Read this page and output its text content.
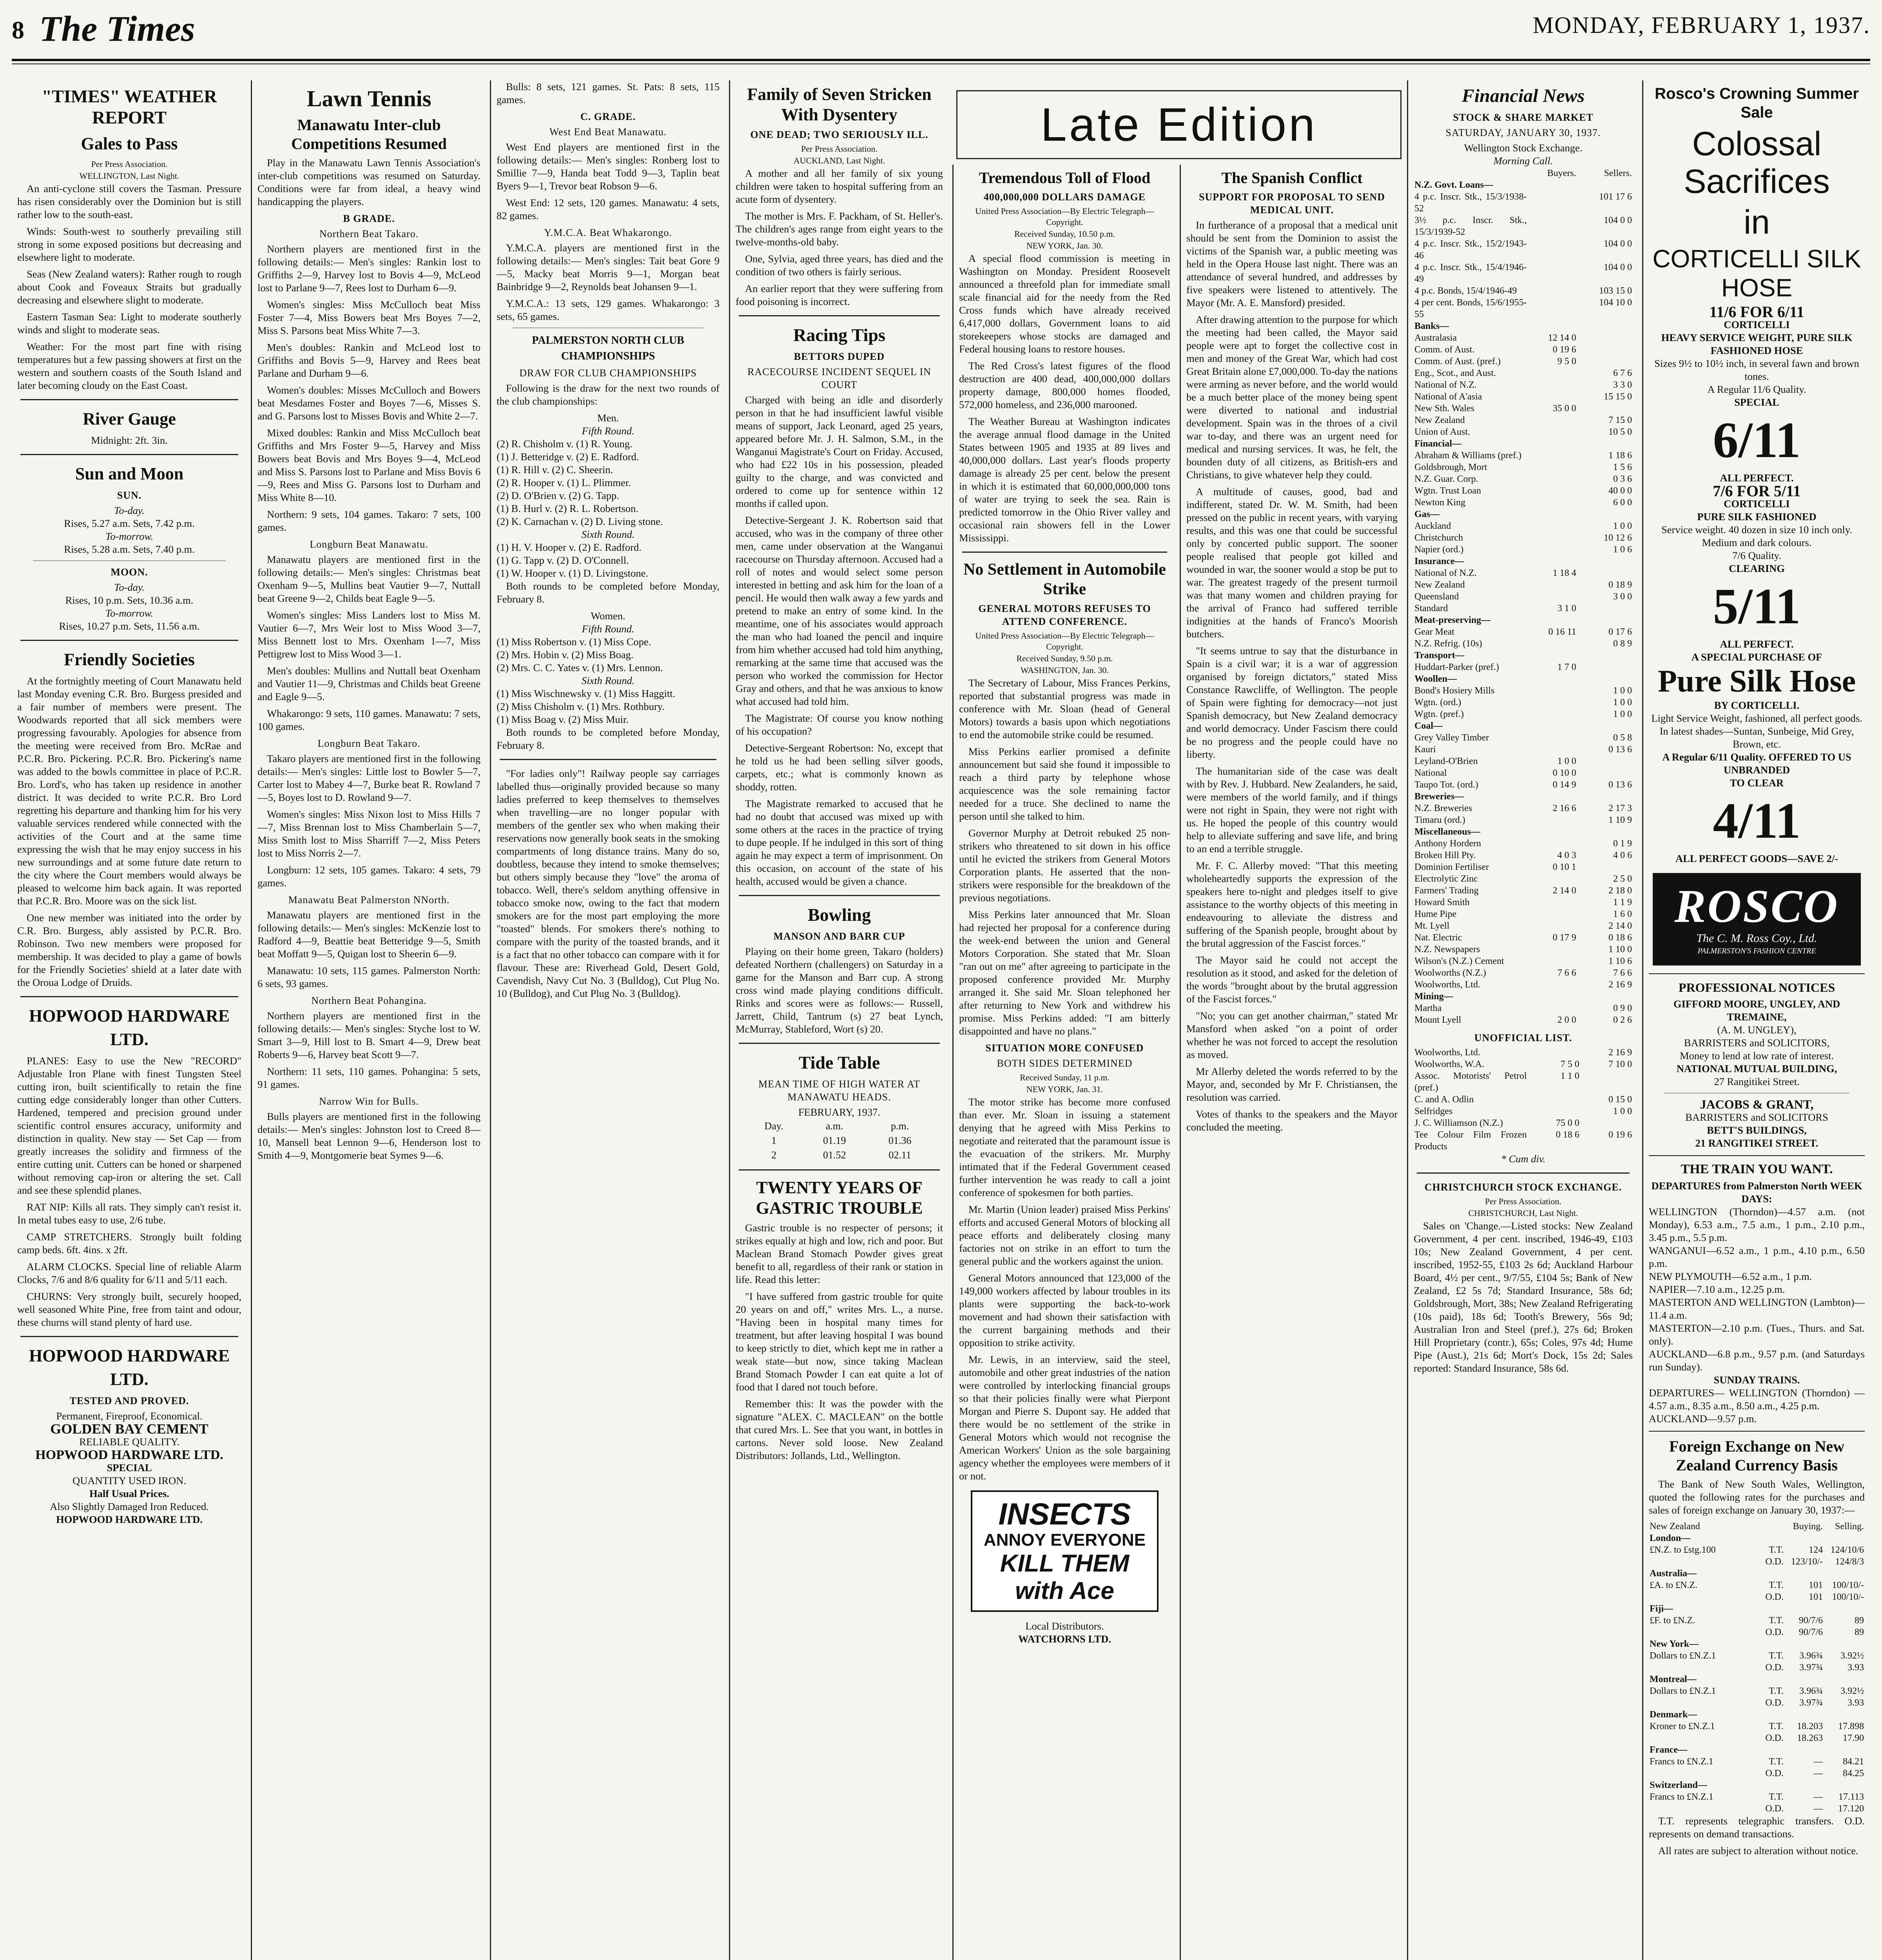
8 The Times	MONDAY, FEBRUARY 1, 1937.
"TIMES" WEATHER REPORT
Gales to Pass
Per Press Association.
WELLINGTON, Last Night.

An anti-cyclone still covers the Tasman. Pressure has risen considerably over the Dominion but is still rather low to the south-east.

Winds: South-west to southerly prevailing still strong in some exposed positions but decreasing and elsewhere light to moderate.

Seas (New Zealand waters): Rather rough to rough about Cook and Foveaux Straits but gradually decreasing and elsewhere slight to moderate.

Eastern Tasman Sea: Light to moderate southerly winds and slight to moderate seas.

Weather: For the most part fine with rising temperatures but a few passing showers at first on the western and southern coasts of the South Island and later becoming cloudy on the East Coast.

River Gauge
Midnight: 2ft. 3in.
Sun and Moon
SUN.
To-day.
Rises, 5.27 a.m. Sets, 7.42 p.m.
To-morrow.
Rises, 5.28 a.m. Sets, 7.40 p.m.
MOON.
To-day.
Rises, 10 p.m. Sets, 10.36 a.m.
To-morrow.
Rises, 10.27 p.m. Sets, 11.56 a.m.
Friendly Societies

At the fortnightly meeting of Court Manawatu held last Monday evening C.R. Bro. Burgess presided and a fair number of members were present. The Woodwards reported that all sick members were progressing favourably. Apologies for absence from the meeting were received from Bro. McRae and P.C.R. Bro. Pickering. P.C.R. Bro. Pickering's name was added to the bowls committee in place of P.C.R. Bro. Lord's, who has taken up residence in another district. It was decided to write P.C.R. Bro Lord regretting his departure and thanking him for his very valuable services rendered while connected with the activities of the Court and at the same time expressing the wish that he may enjoy success in his new surroundings and at some future date return to the city where the Court members would always be pleased to welcome him back again. It was reported that P.C.R. Bro. Moore was on the sick list.

One new member was initiated into the order by C.R. Bro. Burgess, ably assisted by P.C.R. Bro. Robinson. Two new members were proposed for membership. It was decided to play a game of bowls for the Friendly Societies' shield at a later date with the Oroua Lodge of Druids.

HOPWOOD HARDWARE LTD.

PLANES: Easy to use the New "RECORD" Adjustable Iron Plane with finest Tungsten Steel cutting iron, built scientifically to retain the fine cutting edge considerably longer than other Cutters. Hardened, tempered and precision ground under scientific control ensures accuracy, uniformity and distinction in quality. New stay — Set Cap — from greatly increases the solidity and firmness of the entire cutting unit. Cutters can be honed or sharpened without removing cap-iron or altering the set. Call and see these splendid planes.

RAT NIP: Kills all rats. They simply can't resist it. In metal tubes easy to use, 2/6 tube.

CAMP STRETCHERS. Strongly built folding camp beds. 6ft. 4ins. x 2ft.

ALARM CLOCKS. Special line of reliable Alarm Clocks, 7/6 and 8/6 quality for 6/11 and 5/11 each.

CHURNS: Very strongly built, securely hooped, well seasoned White Pine, free from taint and odour, these churns will stand plenty of hard use.

HOPWOOD HARDWARE LTD.
TESTED AND PROVED.
Permanent, Fireproof, Economical.
GOLDEN BAY CEMENT
RELIABLE QUALITY.
HOPWOOD HARDWARE LTD.
SPECIAL
QUANTITY USED IRON.
Half Usual Prices.
Also Slightly Damaged Iron Reduced.
HOPWOOD HARDWARE LTD.
Lawn Tennis
Manawatu Inter-club Competitions Resumed

Play in the Manawatu Lawn Tennis Association's inter-club competitions was resumed on Saturday. Conditions were far from ideal, a heavy wind handicapping the players.

B GRADE.
Northern Beat Takaro.

Northern players are mentioned first in the following details:— Men's singles: Rankin lost to Griffiths 2—9, Harvey lost to Bovis 4—9, McLeod lost to Parlane 9—7, Rees lost to Durham 6—9.

Women's singles: Miss McCulloch beat Miss Foster 7—4, Miss Bowers beat Mrs Boyes 7—2, Miss S. Parsons beat Miss White 7—3.

Men's doubles: Rankin and McLeod lost to Griffiths and Bovis 5—9, Harvey and Rees beat Parlane and Durham 9—6.

Women's doubles: Misses McCulloch and Bowers beat Mesdames Foster and Boyes 7—6, Misses S. and G. Parsons lost to Misses Bovis and White 2—7.

Mixed doubles: Rankin and Miss McCulloch beat Griffiths and Mrs Foster 9—5, Harvey and Miss Bowers beat Bovis and Mrs Boyes 9—4, McLeod and Miss S. Parsons lost to Parlane and Miss Bovis 6—9, Rees and Miss G. Parsons lost to Durham and Miss White 8—10.

Northern: 9 sets, 104 games. Takaro: 7 sets, 100 games.

Longburn Beat Manawatu.

Manawatu players are mentioned first in the following details:— Men's singles: Christmas beat Oxenham 9—5, Mullins beat Vautier 9—7, Nuttall beat Greene 9—2, Childs beat Eagle 9—5.

Women's singles: Miss Landers lost to Miss M. Vautier 6—7, Mrs Weir lost to Miss Wood 3—7, Miss Bennett lost to Mrs. Oxenham 1—7, Miss Pettigrew lost to Miss Wood 3—1.

Men's doubles: Mullins and Nuttall beat Oxenham and Vautier 11—9, Christmas and Childs beat Greene and Eagle 9—5.

Whakarongo: 9 sets, 110 games. Manawatu: 7 sets, 100 games.

Longburn Beat Takaro.

Takaro players are mentioned first in the following details:— Men's singles: Little lost to Bowler 5—7, Carter lost to Mabey 4—7, Burke beat R. Rowland 7—5, Boyes lost to D. Rowland 9—7.

Women's singles: Miss Nixon lost to Miss Hills 7—7, Miss Brennan lost to Miss Chamberlain 5—7, Miss Smith lost to Miss Sharriff 7—2, Miss Peters lost to Miss Norris 2—7.

Longburn: 12 sets, 105 games. Takaro: 4 sets, 79 games.

Manawatu Beat Palmerston NNorth.

Manawatu players are mentioned first in the following details:— Men's singles: McKenzie lost to Radford 4—9, Beattie beat Betteridge 9—5, Smith beat Moffatt 9—5, Quigan lost to Sheerin 6—9.

Manawatu: 10 sets, 115 games. Palmerston North: 6 sets, 93 games.

Northern Beat Pohangina.

Northern players are mentioned first in the following details:— Men's singles: Styche lost to W. Smart 3—9, Hill lost to B. Smart 4—9, Drew beat Roberts 9—6, Harvey beat Scott 9—7.

Northern: 11 sets, 110 games. Pohangina: 5 sets, 91 games.

Narrow Win for Bulls.

Bulls players are mentioned first in the following details:— Men's singles: Johnston lost to Creed 8—10, Mansell beat Lennon 9—6, Henderson lost to Smith 4—9, Montgomerie beat Symes 9—6.

Bulls: 8 sets, 121 games. St. Pats: 8 sets, 115 games.

C. GRADE.
West End Beat Manawatu.

West End players are mentioned first in the following details:— Men's singles: Ronberg lost to Smillie 7—9, Handa beat Todd 9—3, Taplin beat Byers 9—1, Trevor beat Robson 9—6.

West End: 12 sets, 120 games. Manawatu: 4 sets, 82 games.

Y.M.C.A. Beat Whakarongo.

Y.M.C.A. players are mentioned first in the following details:— Men's singles: Tait beat Gore 9—5, Macky beat Morris 9—1, Morgan beat Bainbridge 9—2, Reynolds beat Johansen 9—1.

Y.M.C.A.: 13 sets, 129 games. Whakarongo: 3 sets, 65 games.

PALMERSTON NORTH CLUB CHAMPIONSHIPS
DRAW FOR CLUB CHAMPIONSHIPS

Following is the draw for the next two rounds of the club championships:

Men.
Fifth Round.
(2) R. Chisholm v. (1) R. Young.
(1) J. Betteridge v. (2) E. Radford.
(1) R. Hill v. (2) C. Sheerin.
(2) R. Hooper v. (1) L. Plimmer.
(2) D. O'Brien v. (2) G. Tapp.
(1) B. Hurl v. (2) R. L. Robertson.
(2) K. Carnachan v. (2) D. Living stone.
Sixth Round.
(1) H. V. Hooper v. (2) E. Radford.
(1) G. Tapp v. (2) D. O'Connell.
(1) W. Hooper v. (1) D. Livingstone.

Both rounds to be completed before Monday, February 8.

Women.
Fifth Round.
(1) Miss Robertson v. (1) Miss Cope.
(2) Mrs. Hobin v. (2) Miss Boag.
(2) Mrs. C. C. Yates v. (1) Mrs. Lennon.
Sixth Round.
(1) Miss Wischnewsky v. (1) Miss Haggitt.
(2) Miss Chisholm v. (1) Mrs. Rothbury.
(1) Miss Boag v. (2) Miss Muir.

Both rounds to be completed before Monday, February 8.

"For ladies only"! Railway people say carriages labelled thus—originally provided because so many ladies preferred to keep themselves to themselves when travelling—are no longer popular with members of the gentler sex who when making their reservations now generally book seats in the smoking compartments of long distance trains. Many do so, doubtless, because they intend to smoke themselves; but others simply because they "love" the aroma of tobacco. Well, there's seldom anything offensive in tobacco smoke now, owing to the fact that modern smokers are for the most part employing the more "toasted" blends. For smokers there's nothing to compare with the purity of the toasted brands, and it is a fact that no other tobacco can compare with it for flavour. These are: Riverhead Gold, Desert Gold, Cavendish, Navy Cut No. 3 (Bulldog), Cut Plug No. 10 (Bulldog), and Cut Plug No. 3 (Bulldog).

Family of Seven Stricken With Dysentery
ONE DEAD; TWO SERIOUSLY ILL.
Per Press Association.
AUCKLAND, Last Night.

A mother and all her family of six young children were taken to hospital suffering from an acute form of dysentery.

The mother is Mrs. F. Packham, of St. Heller's. The children's ages range from eight years to the twelve-months-old baby.

One, Sylvia, aged three years, has died and the condition of two others is fairly serious.

An earlier report that they were suffering from food poisoning is incorrect.

Racing Tips
BETTORS DUPED
RACECOURSE INCIDENT SEQUEL IN COURT

Charged with being an idle and disorderly person in that he had insufficient lawful visible means of support, Jack Leonard, aged 25 years, appeared before Mr. J. H. Salmon, S.M., in the Wanganui Magistrate's Court on Friday. Accused, who had £22 10s in his possession, pleaded guilty to the charge, and was convicted and ordered to come up for sentence within 12 months if called upon.

Detective-Sergeant J. K. Robertson said that accused, who was in the company of three other men, came under observation at the Wanganui racecourse on Thursday afternoon. Accused had a roll of notes and would select some person interested in betting and ask him for the loan of a pencil. He would then walk away a few yards and pretend to make an entry of some kind. In the meantime, one of his associates would approach the man who had loaned the pencil and inquire from him whether accused had told him anything, remarking at the same time that accused was the person who worked the commission for Hector Gray and others, and that he was anxious to know what accused had told him.

The Magistrate: Of course you know nothing of his occupation?

Detective-Sergeant Robertson: No, except that he told us he had been selling silver goods, carpets, etc.; what is commonly known as shoddy, rotten.

The Magistrate remarked to accused that he had no doubt that accused was mixed up with some others at the races in the practice of trying to dupe people. If he indulged in this sort of thing again he may expect a term of imprisonment. On this occasion, on account of the state of his health, accused would be given a chance.

Bowling
MANSON AND BARR CUP

Playing on their home green, Takaro (holders) defeated Northern (challengers) on Saturday in a game for the Manson and Barr cup. A strong cross wind made playing conditions difficult. Rinks and scores were as follows:— Russell, Jarrett, Child, Tantrum (s) 27 beat Lynch, McMurray, Stableford, Wort (s) 20.

Tide Table
MEAN TIME OF HIGH WATER AT MANAWATU HEADS.
FEBRUARY, 1937.
Day.	a.m.	p.m.
1	01.19	01.36
2	01.52	02.11
TWENTY YEARS OF GASTRIC TROUBLE

Gastric trouble is no respecter of persons; it strikes equally at high and low, rich and poor. But Maclean Brand Stomach Powder gives great benefit to all, regardless of their rank or station in life. Read this letter:

"I have suffered from gastric trouble for quite 20 years on and off," writes Mrs. L., a nurse. "Having been in hospital many times for treatment, but after leaving hospital I was bound to keep strictly to diet, which kept me in rather a weak state—but now, since taking Maclean Brand Stomach Powder I can eat quite a lot of food that I dared not touch before.

Remember this: It was the powder with the signature "ALEX. C. MACLEAN" on the bottle that cured Mrs. L. See that you want, in bottles in cartons. Never sold loose. New Zealand Distributors: Jollands, Ltd., Wellington.

Late Edition
Tremendous Toll of Flood
400,000,000 DOLLARS DAMAGE
United Press Association—By Electric Telegraph—Copyright.
Received Sunday, 10.50 p.m.
NEW YORK, Jan. 30.

A special flood commission is meeting in Washington on Monday. President Roosevelt announced a threefold plan for immediate small scale financial aid for the needy from the Red Cross funds which have already received 6,417,000 dollars, Government loans to aid storekeepers whose stocks are damaged and Federal housing loans to restore houses.

The Red Cross's latest figures of the flood destruction are 400 dead, 400,000,000 dollars property damage, 800,000 homes flooded, 572,000 homeless, and 236,000 marooned.

The Weather Bureau at Washington indicates the average annual flood damage in the United States between 1905 and 1935 at 89 lives and 40,000,000 dollars. Last year's floods property damage is already 25 per cent. below the present in which it is estimated that 60,000,000,000 tons of water are trying to seek the sea. Rain is predicted tomorrow in the Ohio River valley and occasional rain showers fell in the Lower Mississippi.

No Settlement in Automobile Strike
GENERAL MOTORS REFUSES TO ATTEND CONFERENCE.
United Press Association—By Electric Telegraph—Copyright.
Received Sunday, 9.50 p.m.
WASHINGTON, Jan. 30.

The Secretary of Labour, Miss Frances Perkins, reported that substantial progress was made in conference with Mr. Sloan (head of General Motors) towards a basis upon which negotiations to end the automobile strike could be resumed.

Miss Perkins earlier promised a definite announcement but said she found it impossible to reach a third party by telephone whose acquiescence was the sole remaining factor needed for a truce. She declined to name the person until she talked to him.

Governor Murphy at Detroit rebuked 25 non-strikers who threatened to sit down in his office until he evicted the strikers from General Motors Corporation plants. He asserted that the non-strikers were responsible for the breakdown of the previous negotiations.

Miss Perkins later announced that Mr. Sloan had rejected her proposal for a conference during the week-end between the union and General Motors Corporation. She stated that Mr. Sloan "ran out on me" after agreeing to participate in the proposed conference provided Mr. Murphy arranged it. She said Mr. Sloan telephoned her after returning to New York and withdrew his promise. Miss Perkins added: "I am bitterly disappointed and have no plans."

SITUATION MORE CONFUSED
BOTH SIDES DETERMINED
Received Sunday, 11 p.m.
NEW YORK, Jan. 31.

The motor strike has become more confused than ever. Mr. Sloan in issuing a statement denying that he agreed with Miss Perkins to negotiate and reiterated that the paramount issue is the evacuation of the strikers. Mr. Murphy intimated that if the Federal Government ceased further intervention he was ready to call a joint conference of spokesmen for both parties.

Mr. Martin (Union leader) praised Miss Perkins' efforts and accused General Motors of blocking all peace efforts and deliberately closing many factories not on strike in an effort to turn the general public and the workers against the union.

General Motors announced that 123,000 of the 149,000 workers affected by labour troubles in its plants were supporting the back-to-work movement and had shown their satisfaction with the current bargaining methods and their opposition to strike activity.

Mr. Lewis, in an interview, said the steel, automobile and other great industries of the nation were controlled by interlocking financial groups so that their policies finally were what Pierpont Morgan and Pierre S. Dupont say. He added that there would be no settlement of the strike in General Motors which would not recognise the American Workers' Union as the sole bargaining agency whether the employees were members of it or not.

INSECTS
ANNOY EVERYONE
KILL THEM with Ace
Local Distributors.
WATCHORNS LTD.
The Spanish Conflict
SUPPORT FOR PROPOSAL TO SEND MEDICAL UNIT.

In furtherance of a proposal that a medical unit should be sent from the Dominion to assist the victims of the Spanish war, a public meeting was held in the Opera House last night. There was an attendance of several hundred, and addresses by five speakers were listened to attentively. The Mayor (Mr. A. E. Mansford) presided.

After drawing attention to the purpose for which the meeting had been called, the Mayor said people were apt to forget the collective cost in men and money of the Great War, which had cost Great Britain alone £7,000,000. To-day the nations were arming as never before, and the world would be a much better place of the money being spent were diverted to national and industrial development. Spain was in the throes of a civil war to-day, and there was an urgent need for medical and nursing services. It was, he felt, the bounden duty of all citizens, as British-ers and Christians, to give whatever help they could.

A multitude of causes, good, bad and indifferent, stated Dr. W. M. Smith, had been pressed on the public in recent years, with varying results, and this was one that could be successful only by concerted public support. The sooner people realised that people got killed and wounded in war, the sooner would a stop be put to war. The greatest tragedy of the present turmoil was that many women and children praying for the arrival of Franco had suffered terrible indignities at the hands of Franco's Moorish butchers.

"It seems untrue to say that the disturbance in Spain is a civil war; it is a war of aggression organised by foreign dictators," stated Miss Constance Rawcliffe, of Wellington. The people of Spain were fighting for democracy—not just Spanish democracy, but New Zealand democracy and world democracy. Under Fascism there could be no progress and the people could have no liberty.

The humanitarian side of the case was dealt with by Rev. J. Hubbard. New Zealanders, he said, were members of the world family, and if things were not right in Spain, they were not right with us. He hoped the people of this country would help to alleviate suffering and save life, and bring to an end a terrible struggle.

Mr. F. C. Allerby moved: "That this meeting wholeheartedly supports the expression of the speakers here to-night and pledges itself to give assistance to the worthy objects of this meeting in endeavouring to alleviate the distress and suffering of the Spanish people, brought about by the brutal aggression of the Fascist forces."

The Mayor said he could not accept the resolution as it stood, and asked for the deletion of the words "brought about by the brutal aggression of the Fascist forces."

"No; you can get another chairman," stated Mr Mansford when asked "on a point of order whether he was not forced to accept the resolution as moved.

Mr Allerby deleted the words referred to by the Mayor, and, seconded by Mr F. Christiansen, the resolution was carried.

Votes of thanks to the speakers and the Mayor concluded the meeting.

Financial News
STOCK & SHARE MARKET
SATURDAY, JANUARY 30, 1937.
Wellington Stock Exchange.
Morning Call.
	Buyers.	Sellers.
N.Z. Govt. Loans—		
4 p.c. Inscr. Stk., 15/3/1938-52		101 17 6
3½ p.c. Inscr. Stk., 15/3/1939-52		104 0 0
4 p.c. Inscr. Stk., 15/2/1943-46		104 0 0
4 p.c. Inscr. Stk., 15/4/1946-49		104 0 0
4 p.c. Bonds, 15/4/1946-49		103 15 0
4 per cent. Bonds, 15/6/1955-55		104 10 0
Banks—		
Australasia	12 14 0	
Comm. of Aust.	0 19 6	
Comm. of Aust. (pref.)	9 5 0	
Eng., Scot., and Aust.		6 7 6
National of N.Z.		3 3 0
National of A'asia		15 15 0
New Sth. Wales	35 0 0	
New Zealand		7 15 0
Union of Aust.		10 5 0
Financial—		
Abraham & Williams (pref.)		1 18 6
Goldsbrough, Mort		1 5 6
N.Z. Guar. Corp.		0 3 6
Wgtn. Trust Loan		40 0 0
Newton King		6 0 0
Gas—		
Auckland		1 0 0
Christchurch		10 12 6
Napier (ord.)		1 0 6
Insurance—		
National of N.Z.	1 18 4	
New Zealand		0 18 9
Queensland		3 0 0
Standard	3 1 0	
Meat-preserving—		
Gear Meat	0 16 11	0 17 6
N.Z. Refrig. (10s)		0 8 9
Transport—		
Huddart-Parker (pref.)	1 7 0	
Woollen—		
Bond's Hosiery Mills		1 0 0
Wgtn. (ord.)		1 0 0
Wgtn. (pref.)		1 0 0
Coal—		
Grey Valley Timber		0 5 8
Kauri		0 13 6
Leyland-O'Brien	1 0 0	
National	0 10 0	
Taupo Tot. (ord.)	0 14 9	0 13 6
Breweries—		
N.Z. Breweries	2 16 6	2 17 3
Timaru (ord.)		1 10 9
Miscellaneous—		
Anthony Hordern		0 1 9
Broken Hill Pty.	4 0 3	4 0 6
Dominion Fertiliser	0 10 1	
Electrolytic Zinc		2 5 0
Farmers' Trading	2 14 0	2 18 0
Howard Smith		1 1 9
Hume Pipe		1 6 0
Mt. Lyell		2 14 0
Nat. Electric	0 17 9	0 18 6
N.Z. Newspapers		1 10 0
Wilson's (N.Z.) Cement		1 10 6
Woolworths (N.Z.)	7 6 6	7 6 6
Woolworths, Ltd.		2 16 9
Mining—		
Martha		0 9 0
Mount Lyell	2 0 0	0 2 6
UNOFFICIAL LIST.
Woolworths, Ltd.		2 16 9
Woolworths, W.A.	7 5 0	7 10 0
Assoc. Motorists' Petrol (pref.)	1 1 0	
C. and A. Odlin		0 15 0
Selfridges		1 0 0
J. C. Williamson (N.Z.)	75 0 0	
Tee Colour Film Frozen Products	0 18 6	0 19 6
* Cum div.
CHRISTCHURCH STOCK EXCHANGE.
Per Press Association.
CHRISTCHURCH, Last Night.

Sales on 'Change.—Listed stocks: New Zealand Government, 4 per cent. inscribed, 1946-49, £103 10s; New Zealand Government, 4 per cent. inscribed, 1952-55, £103 2s 6d; Auckland Harbour Board, 4½ per cent., 9/7/55, £104 5s; Bank of New Zealand, £2 5s 7d; Standard Insurance, 58s 6d; Goldsbrough, Mort, 38s; New Zealand Refrigerating (10s paid), 18s 6d; Tooth's Brewery, 56s 9d; Australian Iron and Steel (pref.), 27s 6d; Broken Hill Proprietary (contr.), 65s; Coles, 97s 4d; Hume Pipe (Aust.), 21s 6d; Mort's Dock, 15s 2d; Sales reported: Standard Insurance, 58s 6d.

Rosco's Crowning Summer Sale
Colossal Sacrifices
in
CORTICELLI SILK HOSE
11/6 FOR 6/11
CORTICELLI
HEAVY SERVICE WEIGHT, PURE SILK FASHIONED HOSE
Sizes 9½ to 10½ inch, in several fawn and brown tones.
A Regular 11/6 Quality.
SPECIAL
6/11
ALL PERFECT.
7/6 FOR 5/11
CORTICELLI
PURE SILK FASHIONED
Service weight. 40 dozen in size 10 inch only. Medium and dark colours.
7/6 Quality.
CLEARING
5/11
ALL PERFECT.
A SPECIAL PURCHASE OF
Pure Silk Hose
BY CORTICELLI.
Light Service Weight, fashioned, all perfect goods. In latest shades—Suntan, Sunbeige, Mid Grey, Brown, etc.
A Regular 6/11 Quality. OFFERED TO US UNBRANDED
TO CLEAR
4/11
ALL PERFECT GOODS—SAVE 2/-
ROSCO
The C. M. Ross Coy., Ltd.
PALMERSTON'S FASHION CENTRE
PROFESSIONAL NOTICES
GIFFORD MOORE, UNGLEY, AND TREMAINE,
(A. M. UNGLEY),
BARRISTERS and SOLICITORS,
Money to lend at low rate of interest.
NATIONAL MUTUAL BUILDING,
27 Rangitikei Street.
JACOBS & GRANT,
BARRISTERS and SOLICITORS
BETT'S BUILDINGS,
21 RANGITIKEI STREET.
THE TRAIN YOU WANT.
DEPARTURES from Palmerston North WEEK DAYS:
WELLINGTON (Thorndon)—4.57 a.m. (not Monday), 6.53 a.m., 7.5 a.m., 1 p.m., 2.10 p.m., 3.45 p.m., 5.5 p.m.
WANGANUI—6.52 a.m., 1 p.m., 4.10 p.m., 6.50 p.m.
NEW PLYMOUTH—6.52 a.m., 1 p.m.
NAPIER—7.10 a.m., 12.25 p.m.
MASTERTON AND WELLINGTON (Lambton)—11.4 a.m.
MASTERTON—2.10 p.m. (Tues., Thurs. and Sat. only).
AUCKLAND—6.8 p.m., 9.57 p.m. (and Saturdays run Sunday).
SUNDAY TRAINS.
DEPARTURES— WELLINGTON (Thorndon) —4.57 a.m., 8.35 a.m., 8.50 a.m., 4.25 p.m.
AUCKLAND—9.57 p.m.
Foreign Exchange on New Zealand Currency Basis

The Bank of New South Wales, Wellington, quoted the following rates for the purchases and sales of foreign exchange on January 30, 1937:—

New Zealand		Buying.	Selling.
London—			
£N.Z. to £stg.100	T.T.	124	124/10/6
	O.D.	123/10/-	124/8/3
Australia—			
£A. to £N.Z.	T.T.	101	100/10/-
	O.D.	101	100/10/-
Fiji—			
£F. to £N.Z.	T.T.	90/7/6	89
	O.D.	90/7/6	89
New York—			
Dollars to £N.Z.1	T.T.	3.96¾	3.92½
	O.D.	3.97¾	3.93
Montreal—			
Dollars to £N.Z.1	T.T.	3.96¾	3.92½
	O.D.	3.97¾	3.93
Denmark—			
Kroner to £N.Z.1	T.T.	18.203	17.898
	O.D.	18.263	17.90
France—			
Francs to £N.Z.1	T.T.	—	84.21
	O.D.	—	84.25
Switzerland—			
Francs to £N.Z.1	T.T.	—	17.113
	O.D.	—	17.120

T.T. represents telegraphic transfers. O.D. represents on demand transactions.

All rates are subject to alteration without notice.
